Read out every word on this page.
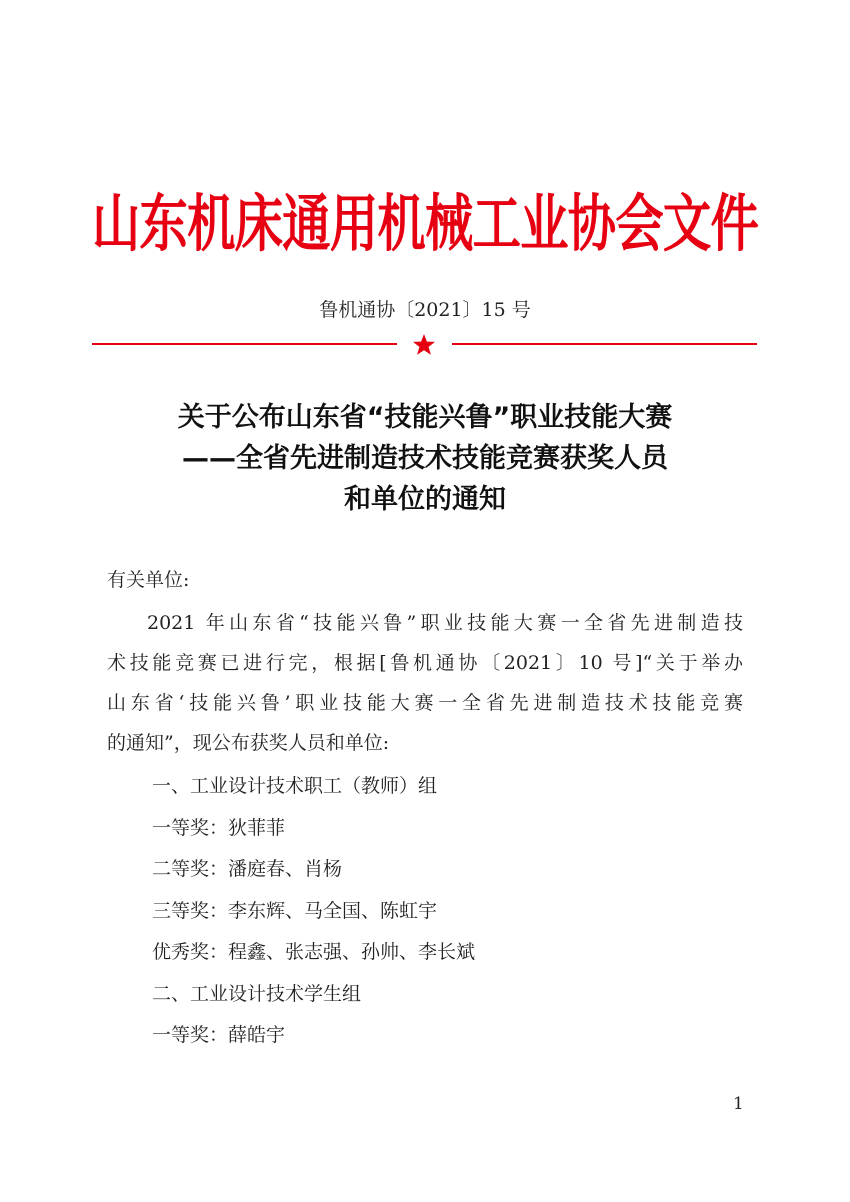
山东机床通用机械工业协会文件
鲁机通协〔2021〕15 号
关于公布山东省“技能兴鲁”职业技能大赛
——全省先进制造技术技能竞赛获奖人员
和单位的通知
有关单位:
2021 年山东省“技能兴鲁”职业技能大赛一全省先进制造技
术技能竞赛已进行完，根据[鲁机通协〔2021〕10 号]“关于举办
山东省‘技能兴鲁’职业技能大赛一全省先进制造技术技能竞赛
的通知”，现公布获奖人员和单位:
一、工业设计技术职工（教师）组
一等奖：狄菲菲
二等奖：潘庭春、肖杨
三等奖：李东辉、马全国、陈虹宇
优秀奖：程鑫、张志强、孙帅、李长斌
二、工业设计技术学生组
一等奖：薛皓宇
1
